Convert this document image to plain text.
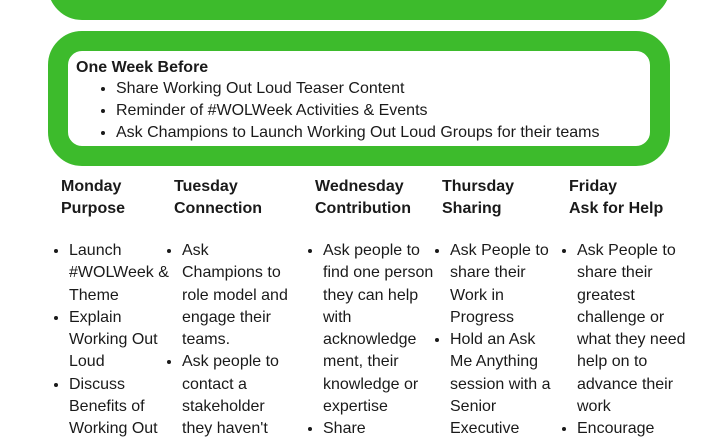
One Week Before

• Share Working Out Loud Teaser Content
• Reminder of #WOLWeek Activities & Events
• Ask Champions to Launch Working Out Loud Groups for their teams
Monday
Purpose
• Launch #WOLWeek & Theme
• Explain Working Out Loud
• Discuss Benefits of Working Out
Tuesday
Connection
• Ask Champions to role model and engage their teams.
• Ask people to contact a stakeholder they haven't
Wednesday
Contribution
• Ask people to find one person they can help with acknowledge ment, their knowledge or expertise
• Share
Thursday
Sharing
• Ask People to share their Work in Progress
• Hold an Ask Me Anything session with a Senior Executive
Friday
Ask for Help
• Ask People to share their greatest challenge or what they need help on to advance their work
• Encourage
